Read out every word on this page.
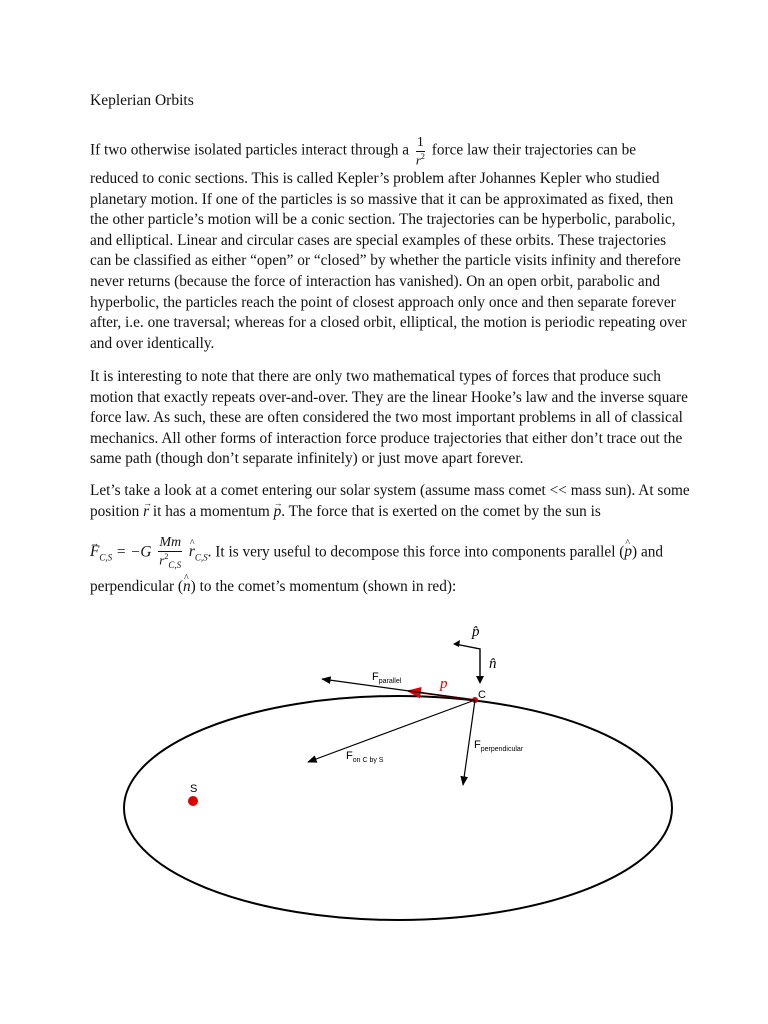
Keplerian Orbits
If two otherwise isolated particles interact through a $\frac{1}{r^2}$ force law their trajectories can be
reduced to conic sections. This is called Kepler’s problem after Johannes Kepler who studied planetary motion. If one of the particles is so massive that it can be approximated as fixed, then the other particle’s motion will be a conic section. The trajectories can be hyperbolic, parabolic, and elliptical. Linear and circular cases are special examples of these orbits. These trajectories can be classified as either “open” or “closed” by whether the particle visits infinity and therefore never returns (because the force of interaction has vanished). On an open orbit, parabolic and hyperbolic, the particles reach the point of closest approach only once and then separate forever after, i.e. one traversal; whereas for a closed orbit, elliptical, the motion is periodic repeating over and over identically.
It is interesting to note that there are only two mathematical types of forces that produce such motion that exactly repeats over-and-over. They are the linear Hooke’s law and the inverse square force law. As such, these are often considered the two most important problems in all of classical mechanics. All other forms of interaction force produce trajectories that either don’t trace out the same path (though don’t separate infinitely) or just move apart forever.
Let’s take a look at a comet entering our solar system (assume mass comet << mass sun). At some position → r it has a momentum → p. The force that is exerted on the comet by the sun is
→ $F_{C,S} = -G \frac{Mm}{r^2_{C,S}}$ ^ $r_{C,S}$. It is very useful to decompose this force into components parallel (^ p) and
perpendicular (^ n) to the comet’s momentum (shown in red):
S
C
p
$F_{parallel}$
$F_{perpendicular}$
$F_{on C by S}$
p̂
n̂
